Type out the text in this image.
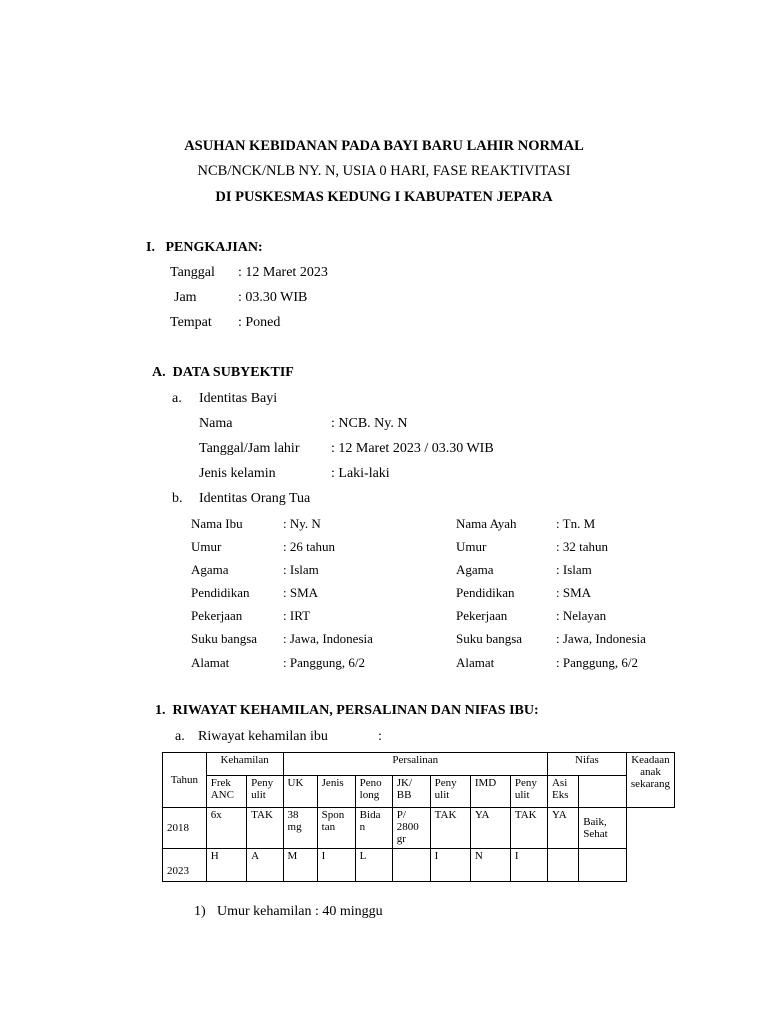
ASUHAN KEBIDANAN PADA BAYI BARU LAHIR NORMAL
NCB/NCK/NLB NY. N, USIA 0 HARI, FASE REAKTIVITASI
DI PUSKESMAS KEDUNG I KABUPATEN JEPARA
I.   PENGKAJIAN:
Tanggal : 12 Maret 2023
Jam	: 03.30 WIB
Tempat : Poned
A.  DATA SUBYEKTIF
a. Identitas Bayi
Nama	: NCB. Ny. N
Tanggal/Jam lahir : 12 Maret 2023 / 03.30 WIB
Jenis kelamin	: Laki-laki
b. Identitas Orang Tua
Nama Ibu	: Ny. N
Umur	: 26 tahun
Agama	: Islam
Pendidikan	: SMA
Pekerjaan	: IRT
Suku bangsa : Jawa, Indonesia
Alamat	: Panggung, 6/2
Nama Ayah	: Tn. M
Umur	: 32 tahun
Agama	: Islam
Pendidikan	: SMA
Pekerjaan	: Nelayan
Suku bangsa	: Jawa, Indonesia
Alamat	: Panggung, 6/2
1.  RIWAYAT KEHAMILAN, PERSALINAN DAN NIFAS IBU:
a. Riwayat kehamilan ibu	:
Tahun	Kehamilan		Persalinan							Nifas		Keadaan anak sekarang
	Frek ANC	Peny ulit	UK	Jenis	Peno long	JK/ BB	Peny ulit	IMD	Peny ulit	Asi Eks		
2018	6x	TAK	38 mg	Spon tan	Bida n	P/ 2800 gr	TAK	YA	TAK	YA	Baik, Sehat	
2023	H	A	M	I	L		I	N	I			
1) Umur kehamilan : 40 minggu
